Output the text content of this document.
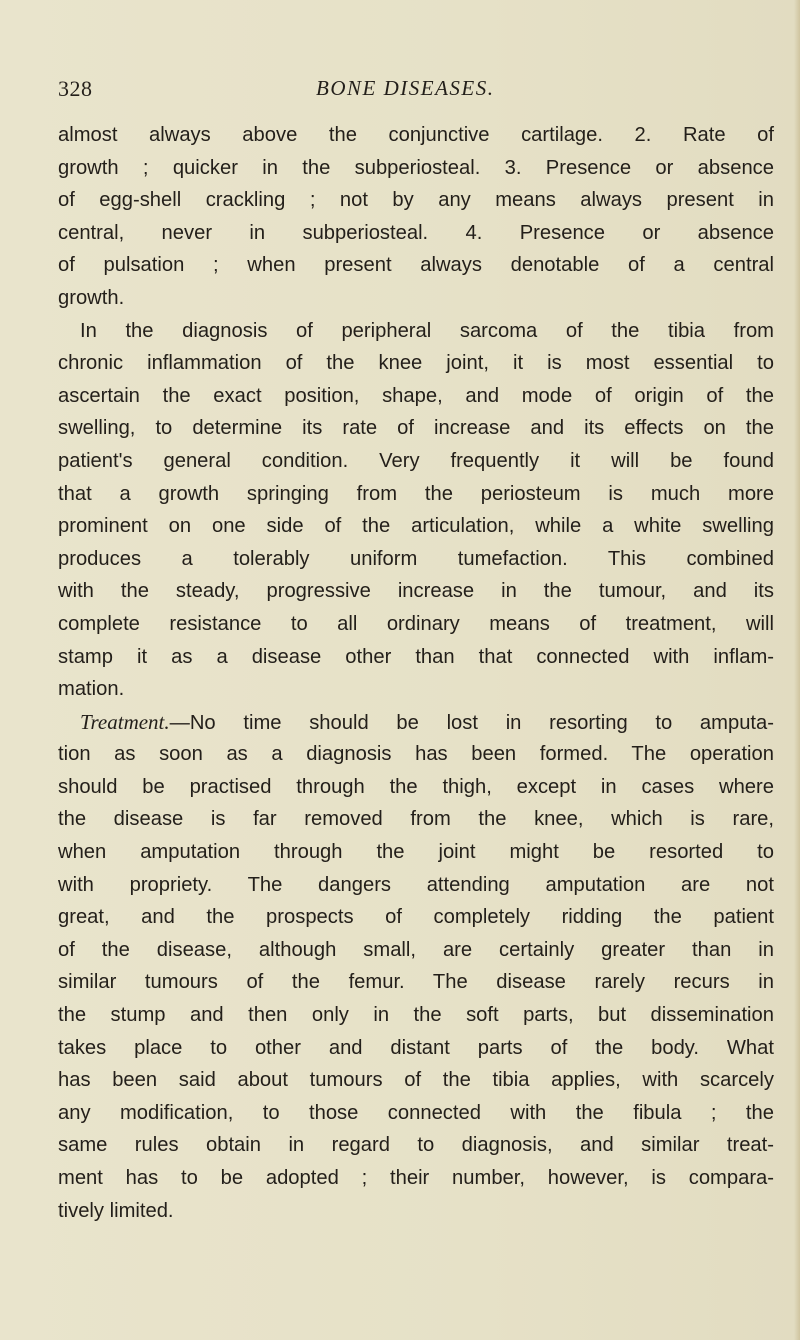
328	BONE DISEASES.
almost always above the conjunctive cartilage. 2. Rate of
growth ; quicker in the subperiosteal. 3. Presence or absence
of egg-shell crackling ; not by any means always present in
central, never in subperiosteal. 4. Presence or absence
of pulsation ; when present always denotable of a central
growth.
In the diagnosis of peripheral sarcoma of the tibia from
chronic inflammation of the knee joint, it is most essential to
ascertain the exact position, shape, and mode of origin of the
swelling, to determine its rate of increase and its effects on the
patient's general condition. Very frequently it will be found
that a growth springing from the periosteum is much more
prominent on one side of the articulation, while a white swelling
produces a tolerably uniform tumefaction. This combined
with the steady, progressive increase in the tumour, and its
complete resistance to all ordinary means of treatment, will
stamp it as a disease other than that connected with inflam-
mation.
Treatment.—No time should be lost in resorting to amputa-
tion as soon as a diagnosis has been formed. The operation
should be practised through the thigh, except in cases where
the disease is far removed from the knee, which is rare,
when amputation through the joint might be resorted to
with propriety. The dangers attending amputation are not
great, and the prospects of completely ridding the patient
of the disease, although small, are certainly greater than in
similar tumours of the femur. The disease rarely recurs in
the stump and then only in the soft parts, but dissemination
takes place to other and distant parts of the body. What
has been said about tumours of the tibia applies, with scarcely
any modification, to those connected with the fibula ; the
same rules obtain in regard to diagnosis, and similar treat-
ment has to be adopted ; their number, however, is compara-
tively limited.
